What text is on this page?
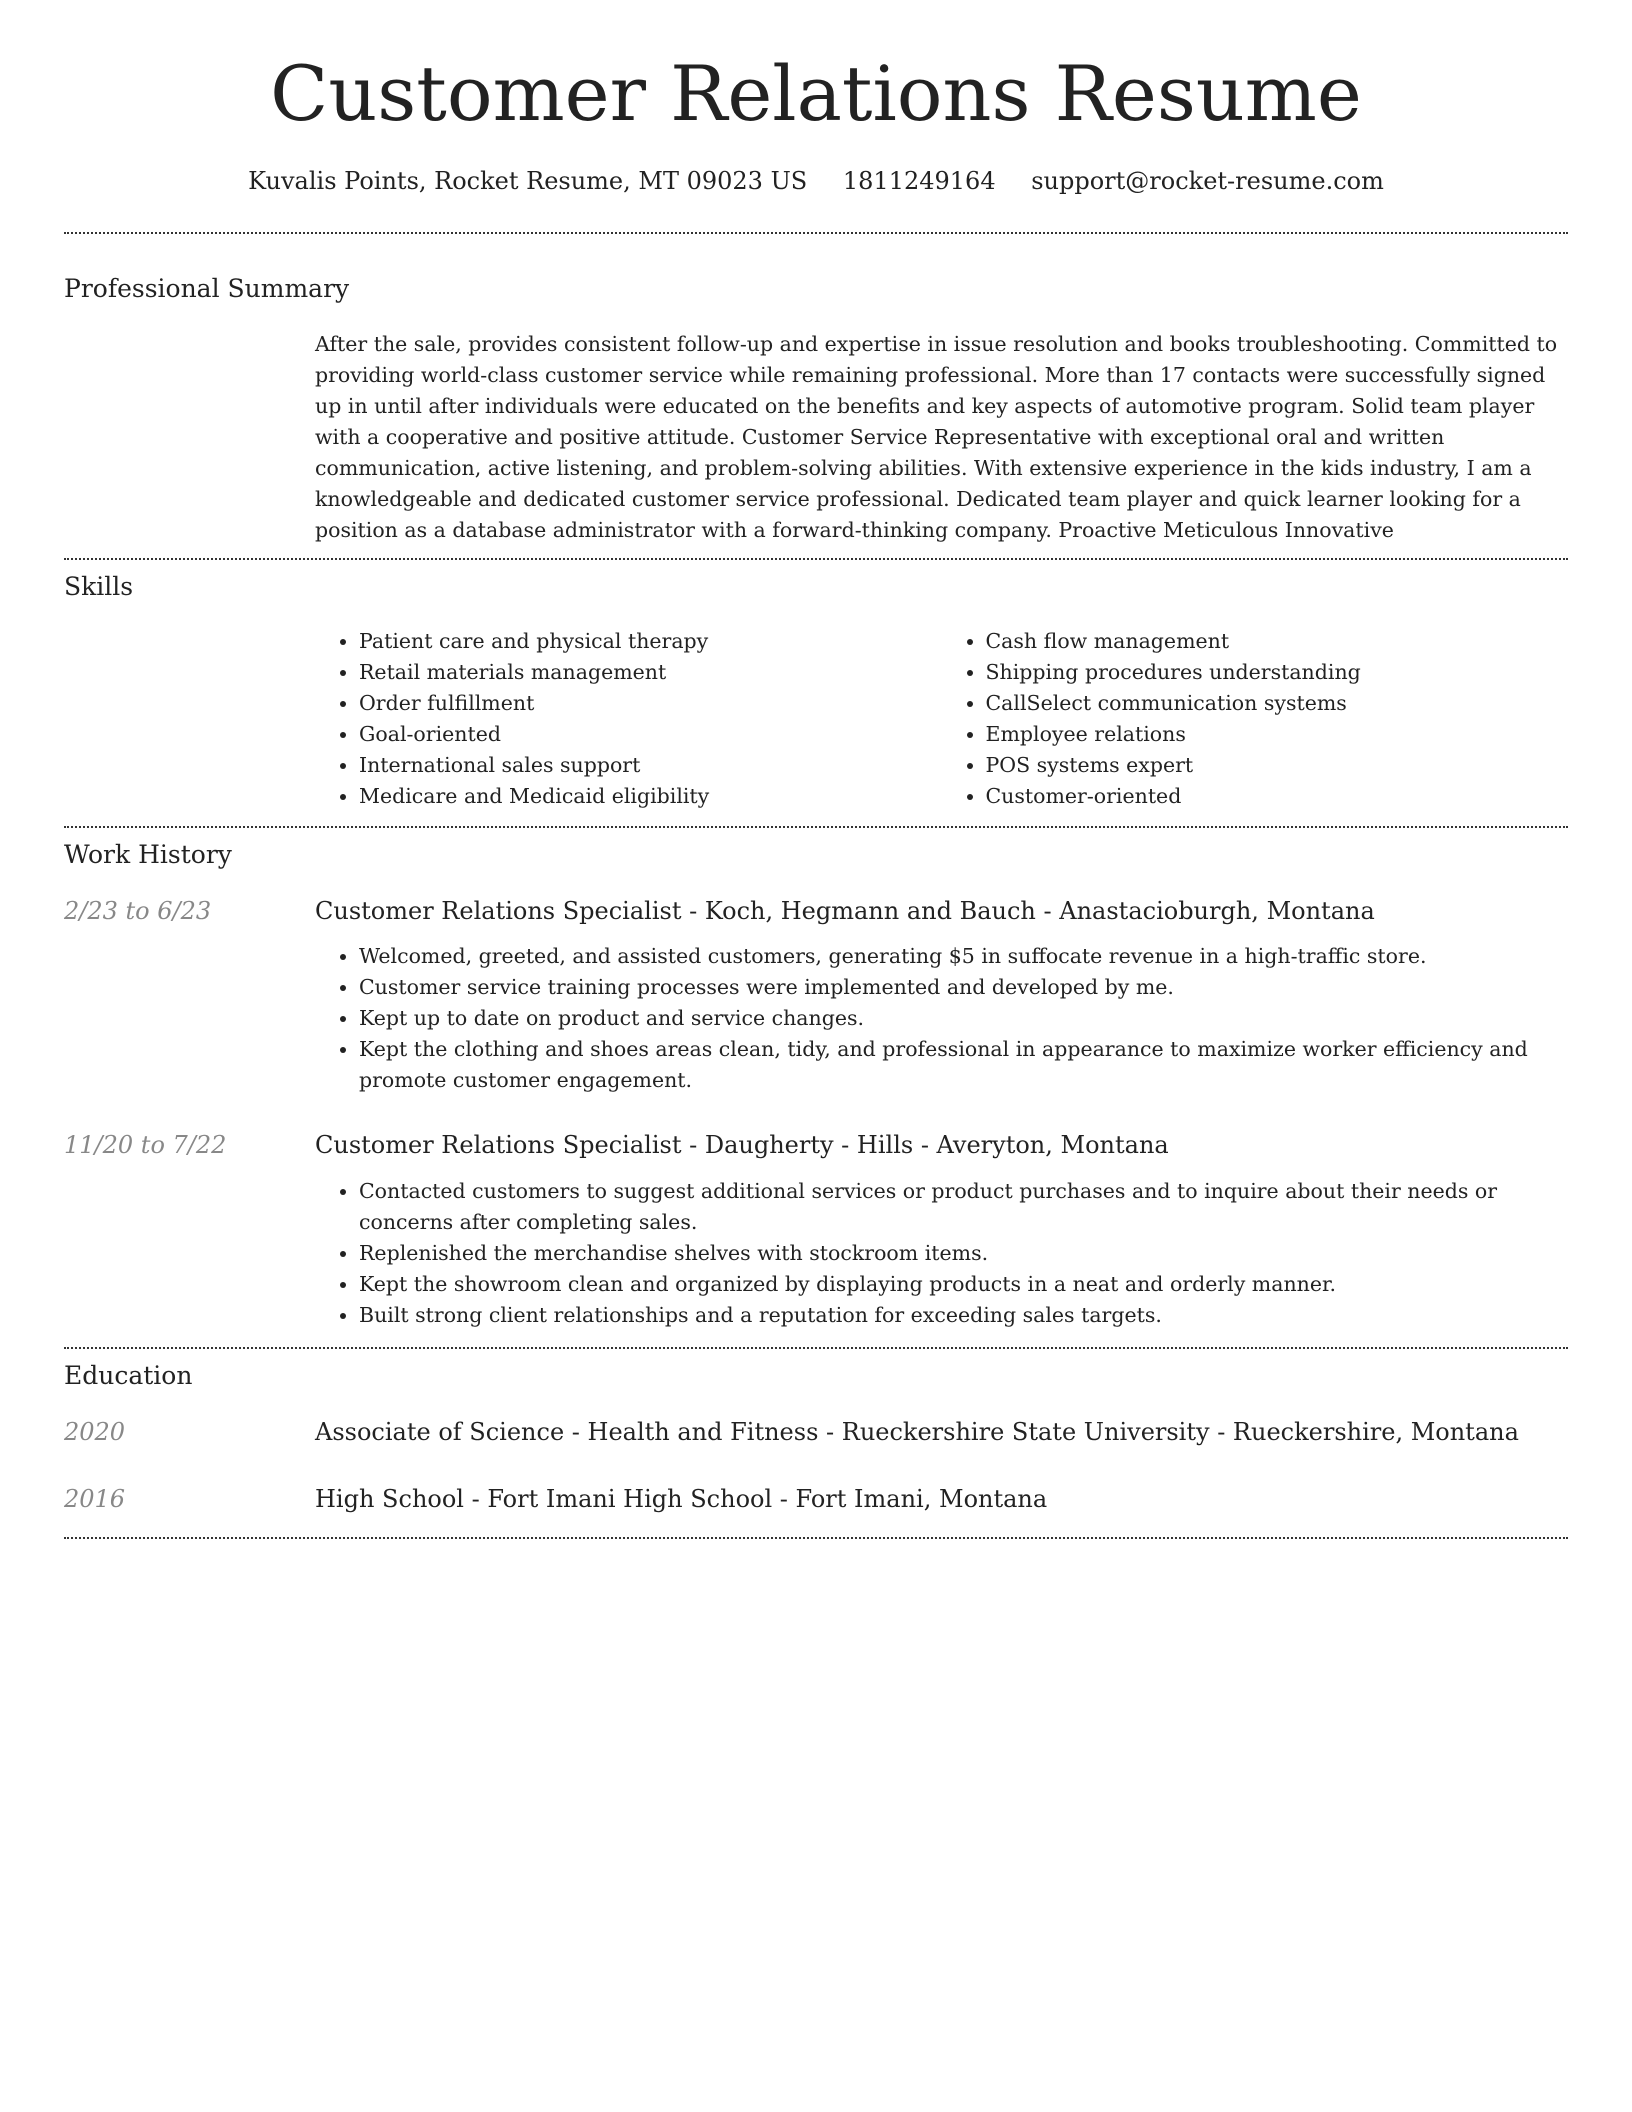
Customer Relations Resume
Kuvalis Points, Rocket Resume, MT 09023 US 1811249164 support@rocket-resume.com
Professional Summary

After the sale, provides consistent follow-up and expertise in issue resolution and books troubleshooting. Committed to providing world-class customer service while remaining professional. More than 17 contacts were successfully signed up in until after individuals were educated on the benefits and key aspects of automotive program. Solid team player with a cooperative and positive attitude. Customer Service Representative with exceptional oral and written communication, active listening, and problem-solving abilities. With extensive experience in the kids industry, I am a knowledgeable and dedicated customer service professional. Dedicated team player and quick learner looking for a position as a database administrator with a forward-thinking company. Proactive Meticulous Innovative

Skills
• Patient care and physical therapy
• Retail materials management
• Order fulfillment
• Goal-oriented
• International sales support
• Medicare and Medicaid eligibility
• Cash flow management
• Shipping procedures understanding
• CallSelect communication systems
• Employee relations
• POS systems expert
• Customer-oriented
Work History
2/23 to 6/23	Customer Relations Specialist - Koch, Hegmann and Bauch - Anastacioburgh, Montana
• Welcomed, greeted, and assisted customers, generating $5 in suffocate revenue in a high-traffic store.
• Customer service training processes were implemented and developed by me.
• Kept up to date on product and service changes.
• Kept the clothing and shoes areas clean, tidy, and professional in appearance to maximize worker efficiency and promote customer engagement.
11/20 to 7/22	Customer Relations Specialist - Daugherty - Hills - Averyton, Montana
• Contacted customers to suggest additional services or product purchases and to inquire about their needs or concerns after completing sales.
• Replenished the merchandise shelves with stockroom items.
• Kept the showroom clean and organized by displaying products in a neat and orderly manner.
• Built strong client relationships and a reputation for exceeding sales targets.
Education
2020	Associate of Science - Health and Fitness - Rueckershire State University - Rueckershire, Montana
2016	High School - Fort Imani High School - Fort Imani, Montana
